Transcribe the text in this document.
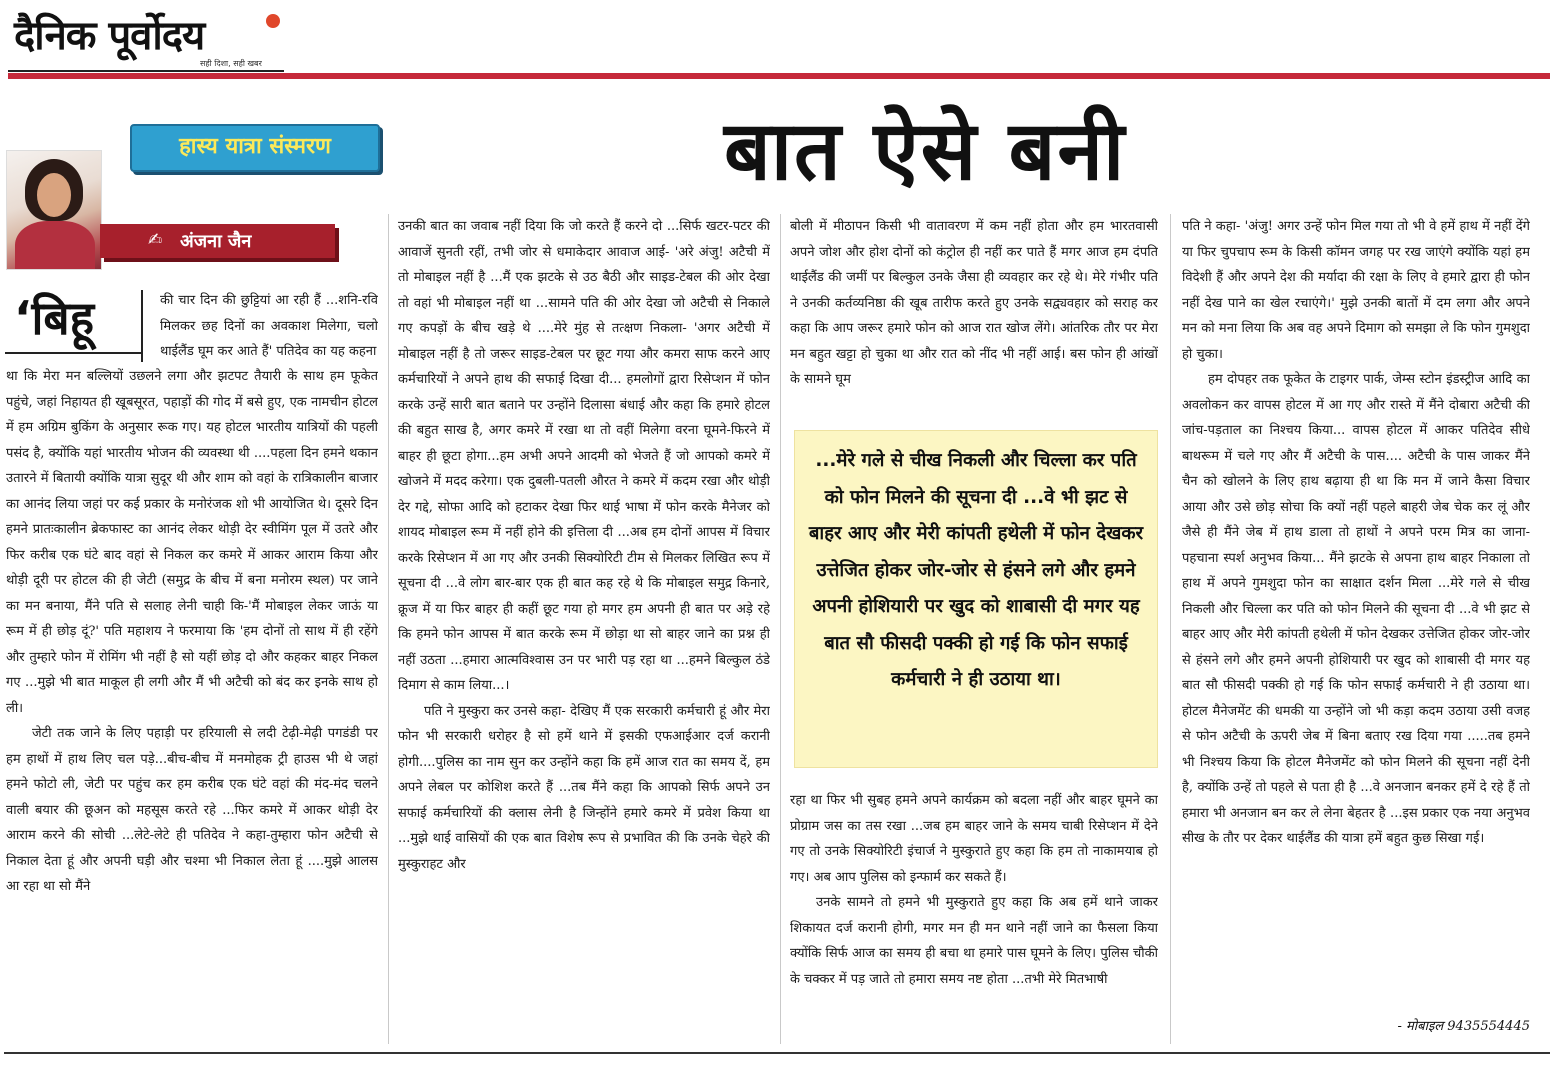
दैनिक पूर्वोदय
सही दिशा, सही खबर
हास्य यात्रा संस्मरण
✍ अंजना जैन
बात ऐसे बनी
‘बिहू	की चार दिन की छुट्टियां आ रही हैं ...शनि-रवि मिलकर छह दिनों का अवकाश मिलेगा, चलो थाईलैंड घूम कर आते हैं' पतिदेव का यह कहना

था कि मेरा मन बल्लियों उछलने लगा और झटपट तैयारी के साथ हम फूकेत पहुंचे, जहां निहायत ही खूबसूरत, पहाड़ों की गोद में बसे हुए, एक नामचीन होटल में हम अग्रिम बुकिंग के अनुसार रूक गए। यह होटल भारतीय यात्रियों की पहली पसंद है, क्योंकि यहां भारतीय भोजन की व्यवस्था थी ....पहला दिन हमने थकान उतारने में बितायी क्योंकि यात्रा सुदूर थी और शाम को वहां के रात्रिकालीन बाजार का आनंद लिया जहां पर कई प्रकार के मनोरंजक शो भी आयोजित थे। दूसरे दिन हमने प्रातःकालीन ब्रेकफास्ट का आनंद लेकर थोड़ी देर स्वीमिंग पूल में उतरे और फिर करीब एक घंटे बाद वहां से निकल कर कमरे में आकर आराम किया और थोड़ी दूरी पर होटल की ही जेटी (समुद्र के बीच में बना मनोरम स्थल) पर जाने का मन बनाया, मैंने पति से सलाह लेनी चाही कि-'मैं मोबाइल लेकर जाऊं या रूम में ही छोड़ दूं?' पति महाशय ने फरमाया कि 'हम दोनों तो साथ में ही रहेंगे और तुम्हारे फोन में रोमिंग भी नहीं है सो यहीं छोड़ दो और कहकर बाहर निकल गए ...मुझे भी बात माकूल ही लगी और मैं भी अटैची को बंद कर इनके साथ हो ली।

जेटी तक जाने के लिए पहाड़ी पर हरियाली से लदी टेढ़ी-मेढ़ी पगडंडी पर हम हाथों में हाथ लिए चल पड़े...बीच-बीच में मनमोहक ट्री हाउस भी थे जहां हमने फोटो ली, जेटी पर पहुंच कर हम करीब एक घंटे वहां की मंद-मंद चलने वाली बयार की छूअन को महसूस करते रहे ...फिर कमरे में आकर थोड़ी देर आराम करने की सोची ...लेटे-लेटे ही पतिदेव ने कहा-तुम्हारा फोन अटैची से निकाल देता हूं और अपनी घड़ी और चश्मा भी निकाल लेता हूं ....मुझे आलस आ रहा था सो मैंने

उनकी बात का जवाब नहीं दिया कि जो करते हैं करने दो ...सिर्फ खटर-पटर की आवाजें सुनती रहीं, तभी जोर से धमाकेदार आवाज आई- 'अरे अंजु! अटैची में तो मोबाइल नहीं है ...मैं एक झटके से उठ बैठी और साइड-टेबल की ओर देखा तो वहां भी मोबाइल नहीं था ...सामने पति की ओर देखा जो अटैची से निकाले गए कपड़ों के बीच खड़े थे ....मेरे मुंह से तत्क्षण निकला- 'अगर अटैची में मोबाइल नहीं है तो जरूर साइड-टेबल पर छूट गया और कमरा साफ करने आए कर्मचारियों ने अपने हाथ की सफाई दिखा दी... हमलोगों द्वारा रिसेप्शन में फोन करके उन्हें सारी बात बताने पर उन्होंने दिलासा बंधाई और कहा कि हमारे होटल की बहुत साख है, अगर कमरे में रखा था तो वहीं मिलेगा वरना घूमने-फिरने में बाहर ही छूटा होगा...हम अभी अपने आदमी को भेजते हैं जो आपको कमरे में खोजने में मदद करेगा। एक दुबली-पतली औरत ने कमरे में कदम रखा और थोड़ी देर गद्दे, सोफा आदि को हटाकर देखा फिर थाई भाषा में फोन करके मैनेजर को शायद मोबाइल रूम में नहीं होने की इत्तिला दी ...अब हम दोनों आपस में विचार करके रिसेप्शन में आ गए और उनकी सिक्योरिटी टीम से मिलकर लिखित रूप में सूचना दी ...वे लोग बार-बार एक ही बात कह रहे थे कि मोबाइल समुद्र किनारे, क्रूज में या फिर बाहर ही कहीं छूट गया हो मगर हम अपनी ही बात पर अड़े रहे कि हमने फोन आपस में बात करके रूम में छोड़ा था सो बाहर जाने का प्रश्न ही नहीं उठता ...हमारा आत्मविश्वास उन पर भारी पड़ रहा था ...हमने बिल्कुल ठंडे दिमाग से काम लिया...।

पति ने मुस्कुरा कर उनसे कहा- देखिए मैं एक सरकारी कर्मचारी हूं और मेरा फोन भी सरकारी धरोहर है सो हमें थाने में इसकी एफआईआर दर्ज करानी होगी....पुलिस का नाम सुन कर उन्होंने कहा कि हमें आज रात का समय दें, हम अपने लेबल पर कोशिश करते हैं ...तब मैंने कहा कि आपको सिर्फ अपने उन सफाई कर्मचारियों की क्लास लेनी है जिन्होंने हमारे कमरे में प्रवेश किया था ...मुझे थाई वासियों की एक बात विशेष रूप से प्रभावित की कि उनके चेहरे की मुस्कुराहट और

बोली में मीठापन किसी भी वातावरण में कम नहीं होता और हम भारतवासी अपने जोश और होश दोनों को कंट्रोल ही नहीं कर पाते हैं मगर आज हम दंपति थाईलैंड की जमीं पर बिल्कुल उनके जैसा ही व्यवहार कर रहे थे। मेरे गंभीर पति ने उनकी कर्तव्यनिष्ठा की खूब तारीफ करते हुए उनके सद्व्यवहार को सराह कर कहा कि आप जरूर हमारे फोन को आज रात खोज लेंगे। आंतरिक तौर पर मेरा मन बहुत खट्टा हो चुका था और रात को नींद भी नहीं आई। बस फोन ही आंखों के सामने घूम

...मेरे गले से चीख निकली और चिल्ला कर पति को फोन मिलने की सूचना दी ...वे भी झट से बाहर आए और मेरी कांपती हथेली में फोन देखकर उत्तेजित होकर जोर-जोर से हंसने लगे और हमने अपनी होशियारी पर खुद को शाबासी दी मगर यह बात सौ फीसदी पक्की हो गई कि फोन सफाई कर्मचारी ने ही उठाया था।

रहा था फिर भी सुबह हमने अपने कार्यक्रम को बदला नहीं और बाहर घूमने का प्रोग्राम जस का तस रखा ...जब हम बाहर जाने के समय चाबी रिसेप्शन में देने गए तो उनके सिक्योरिटी इंचार्ज ने मुस्कुराते हुए कहा कि हम तो नाकामयाब हो गए। अब आप पुलिस को इन्फार्म कर सकते हैं।

उनके सामने तो हमने भी मुस्कुराते हुए कहा कि अब हमें थाने जाकर शिकायत दर्ज करानी होगी, मगर मन ही मन थाने नहीं जाने का फैसला किया क्योंकि सिर्फ आज का समय ही बचा था हमारे पास घूमने के लिए। पुलिस चौकी के चक्कर में पड़ जाते तो हमारा समय नष्ट होता ...तभी मेरे मितभाषी

पति ने कहा- 'अंजु! अगर उन्हें फोन मिल गया तो भी वे हमें हाथ में नहीं देंगे या फिर चुपचाप रूम के किसी कॉमन जगह पर रख जाएंगे क्योंकि यहां हम विदेशी हैं और अपने देश की मर्यादा की रक्षा के लिए वे हमारे द्वारा ही फोन नहीं देख पाने का खेल रचाएंगे।' मुझे उनकी बातों में दम लगा और अपने मन को मना लिया कि अब वह अपने दिमाग को समझा ले कि फोन गुमशुदा हो चुका।

हम दोपहर तक फूकेत के टाइगर पार्क, जेम्स स्टोन इंडस्ट्रीज आदि का अवलोकन कर वापस होटल में आ गए और रास्ते में मैंने दोबारा अटैची की जांच-पड़ताल का निश्चय किया... वापस होटल में आकर पतिदेव सीधे बाथरूम में चले गए और मैं अटैची के पास.... अटैची के पास जाकर मैंने चैन को खोलने के लिए हाथ बढ़ाया ही था कि मन में जाने कैसा विचार आया और उसे छोड़ सोचा कि क्यों नहीं पहले बाहरी जेब चेक कर लूं और जैसे ही मैंने जेब में हाथ डाला तो हाथों ने अपने परम मित्र का जाना-पहचाना स्पर्श अनुभव किया... मैंने झटके से अपना हाथ बाहर निकाला तो हाथ में अपने गुमशुदा फोन का साक्षात दर्शन मिला ...मेरे गले से चीख निकली और चिल्ला कर पति को फोन मिलने की सूचना दी ...वे भी झट से बाहर आए और मेरी कांपती हथेली में फोन देखकर उत्तेजित होकर जोर-जोर से हंसने लगे और हमने अपनी होशियारी पर खुद को शाबासी दी मगर यह बात सौ फीसदी पक्की हो गई कि फोन सफाई कर्मचारी ने ही उठाया था। होटल मैनेजमेंट की धमकी या उन्होंने जो भी कड़ा कदम उठाया उसी वजह से फोन अटैची के ऊपरी जेब में बिना बताए रख दिया गया .....तब हमने भी निश्चय किया कि होटल मैनेजमेंट को फोन मिलने की सूचना नहीं देनी है, क्योंकि उन्हें तो पहले से पता ही है ...वे अनजान बनकर हमें दे रहे हैं तो हमारा भी अनजान बन कर ले लेना बेहतर है ...इस प्रकार एक नया अनुभव सीख के तौर पर देकर थाईलैंड की यात्रा हमें बहुत कुछ सिखा गई।

- मोबाइल 9435554445
